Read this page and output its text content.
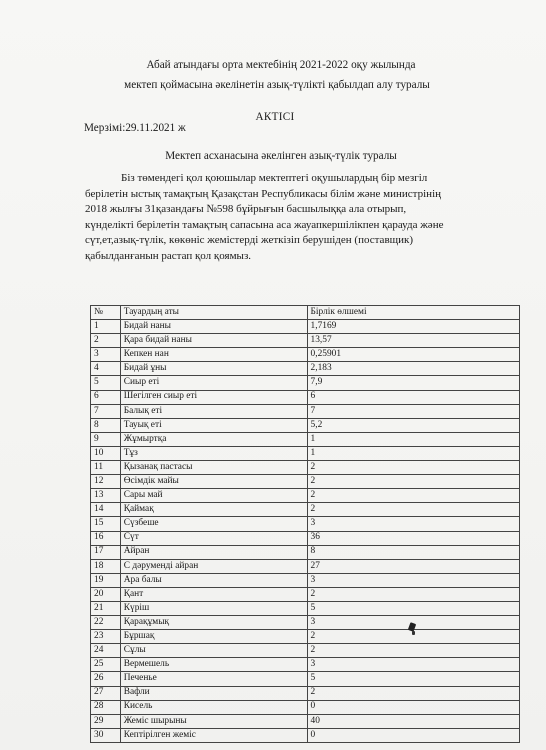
Абай атындағы орта мектебінің 2021-2022 оқу жылында
мектеп қоймасына әкелінетін азық-түлікті қабылдап алу туралы
АКТІСІ
Мерзімі:29.11.2021 ж
Мектеп асханасына әкелінген азық-түлік туралы
Біз төмендегі қол қоюшылар мектептегі оқушылардың бір мезгіл
берілетін ыстық тамақтың Қазақстан Республикасы білім және министрінің
2018 жылғы 31қазандағы №598 бұйрығын басшылыққа ала отырып,
күнделікті берілетін тамақтың сапасына аса жауапкершілікпен қарауда және
сүт,ет,азық-түлік, көкөніс жемістерді жеткізіп берушіден (поставщик)
қабылданғанын растап қол қоямыз.
№	Тауардың аты	Бірлік өлшемі
1	Бидай наны	1,7169
2	Қара бидай наны	13,57
3	Кепкен нан	0,25901
4	Бидай ұны	2,183
5	Сиыр еті	7,9
6	Шегілген сиыр еті	6
7	Балық еті	7
8	Тауық еті	5,2
9	Жұмыртқа	1
10	Тұз	1
11	Қызанақ пастасы	2
12	Өсімдік майы	2
13	Сары май	2
14	Қаймақ	2
15	Сүзбеше	3
16	Сүт	36
17	Айран	8
18	С дәруменді айран	27
19	Ара балы	3
20	Қант	2
21	Күріш	5
22	Қарақұмық	3
23	Бұршақ	2
24	Сұлы	2
25	Вермешель	3
26	Печенье	5
27	Вафли	2
28	Кисель	0
29	Жеміс шырыны	40
30	Кептірілген жеміс	0
